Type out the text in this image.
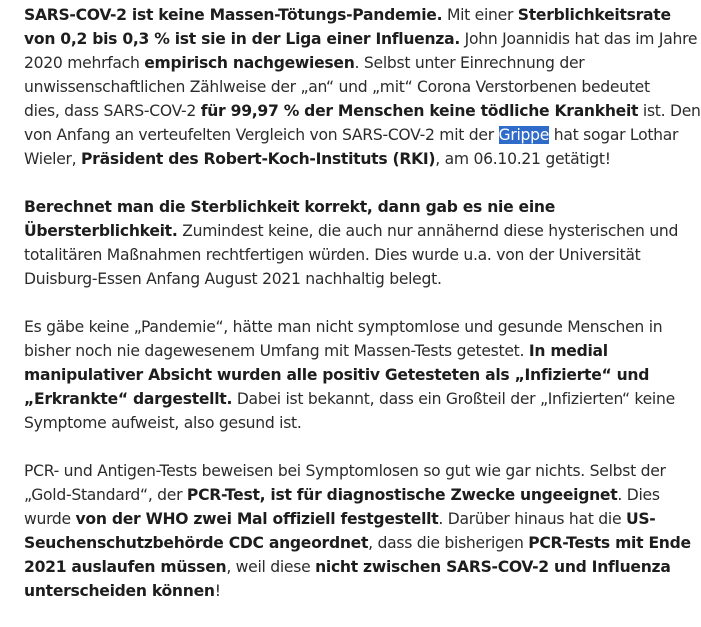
SARS-COV-2 ist keine Massen-Tötungs-Pandemie. Mit einer Sterblichkeitsrate
von 0,2 bis 0,3 % ist sie in der Liga einer Influenza. John Joannidis hat das im Jahre
2020 mehrfach empirisch nachgewiesen. Selbst unter Einrechnung der
unwissenschaftlichen Zählweise der „an“ und „mit“ Corona Verstorbenen bedeutet
dies, dass SARS-COV-2 für 99,97 % der Menschen keine tödliche Krankheit ist. Den
von Anfang an verteufelten Vergleich von SARS-COV-2 mit der Grippe hat sogar Lothar
Wieler, Präsident des Robert-Koch-Instituts (RKI), am 06.10.21 getätigt!

Berechnet man die Sterblichkeit korrekt, dann gab es nie eine
Übersterblichkeit. Zumindest keine, die auch nur annähernd diese hysterischen und
totalitären Maßnahmen rechtfertigen würden. Dies wurde u.a. von der Universität
Duisburg-Essen Anfang August 2021 nachhaltig belegt.

Es gäbe keine „Pandemie“, hätte man nicht symptomlose und gesunde Menschen in
bisher noch nie dagewesenem Umfang mit Massen-Tests getestet. In medial
manipulativer Absicht wurden alle positiv Getesteten als „Infizierte“ und
„Erkrankte“ dargestellt. Dabei ist bekannt, dass ein Großteil der „Infizierten“ keine
Symptome aufweist, also gesund ist.

PCR- und Antigen-Tests beweisen bei Symptomlosen so gut wie gar nichts. Selbst der
„Gold-Standard“, der PCR-Test, ist für diagnostische Zwecke ungeeignet. Dies
wurde von der WHO zwei Mal offiziell festgestellt. Darüber hinaus hat die US-
Seuchenschutzbehörde CDC angeordnet, dass die bisherigen PCR-Tests mit Ende
2021 auslaufen müssen, weil diese nicht zwischen SARS-COV-2 und Influenza
unterscheiden können!
